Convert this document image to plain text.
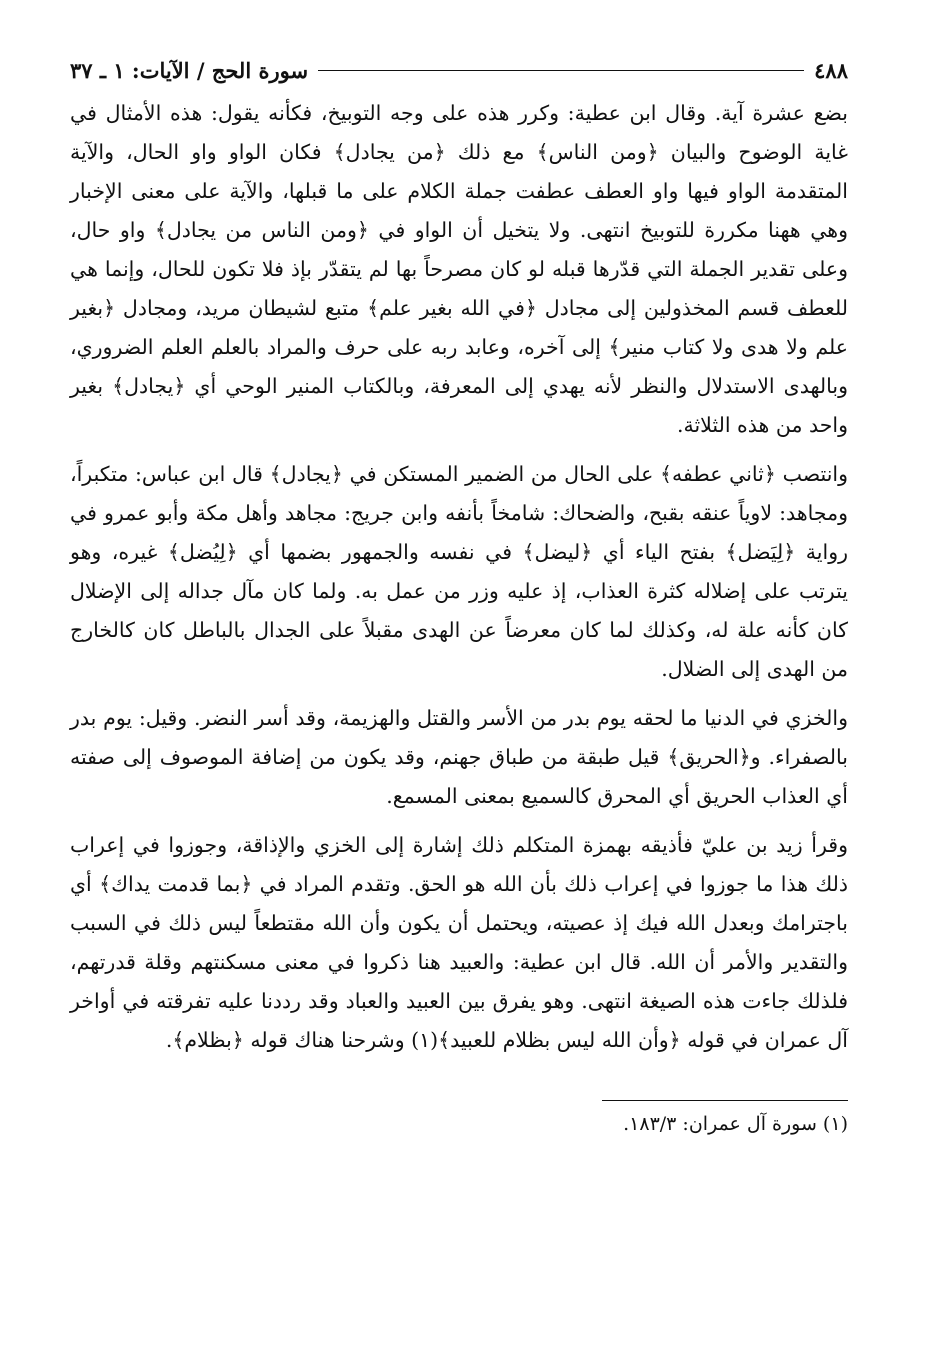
٤٨٨
سورة الحج / الآيات: ١ ـ ٣٧

بضع عشرة آية. وقال ابن عطية: وكرر هذه على وجه التوبيخ، فكأنه يقول: هذه الأمثال في غاية الوضوح والبيان ﴿ومن الناس﴾ مع ذلك ﴿من يجادل﴾ فكان الواو واو الحال، والآية المتقدمة الواو فيها واو العطف عطفت جملة الكلام على ما قبلها، والآية على معنى الإخبار وهي ههنا مكررة للتوبيخ انتهى. ولا يتخيل أن الواو في ﴿ومن الناس من يجادل﴾ واو حال، وعلى تقدير الجملة التي قدّرها قبله لو كان مصرحاً بها لم يتقدّر بإذ فلا تكون للحال، وإنما هي للعطف قسم المخذولين إلى مجادل ﴿في الله بغير علم﴾ متبع لشيطان مريد، ومجادل ﴿بغير علم ولا هدى ولا كتاب منير﴾ إلى آخره، وعابد ربه على حرف والمراد بالعلم العلم الضروري، وبالهدى الاستدلال والنظر لأنه يهدي إلى المعرفة، وبالكتاب المنير الوحي أي ﴿يجادل﴾ بغير واحد من هذه الثلاثة.

وانتصب ﴿ثاني عطفه﴾ على الحال من الضمير المستكن في ﴿يجادل﴾ قال ابن عباس: متكبراً، ومجاهد: لاوياً عنقه بقبح، والضحاك: شامخاً بأنفه وابن جريج: مجاهد وأهل مكة وأبو عمرو في رواية ﴿لِيَضل﴾ بفتح الياء أي ﴿ليضل﴾ في نفسه والجمهور بضمها أي ﴿لِيُضل﴾ غيره، وهو يترتب على إضلاله كثرة العذاب، إذ عليه وزر من عمل به. ولما كان مآل جداله إلى الإضلال كان كأنه علة له، وكذلك لما كان معرضاً عن الهدى مقبلاً على الجدال بالباطل كان كالخارج من الهدى إلى الضلال.

والخزي في الدنيا ما لحقه يوم بدر من الأسر والقتل والهزيمة، وقد أسر النضر. وقيل: يوم بدر بالصفراء. و﴿الحريق﴾ قيل طبقة من طباق جهنم، وقد يكون من إضافة الموصوف إلى صفته أي العذاب الحريق أي المحرق كالسميع بمعنى المسمع.

وقرأ زيد بن عليّ فأذيقه بهمزة المتكلم ذلك إشارة إلى الخزي والإذاقة، وجوزوا في إعراب ذلك هذا ما جوزوا في إعراب ذلك بأن الله هو الحق. وتقدم المراد في ﴿بما قدمت يداك﴾ أي باجترامك وبعدل الله فيك إذ عصيته، ويحتمل أن يكون وأن الله مقتطعاً ليس ذلك في السبب والتقدير والأمر أن الله. قال ابن عطية: والعبيد هنا ذكروا في معنى مسكنتهم وقلة قدرتهم، فلذلك جاءت هذه الصيغة انتهى. وهو يفرق بين العبيد والعباد وقد رددنا عليه تفرقته في أواخر آل عمران في قوله ﴿وأن الله ليس بظلام للعبيد﴾(١) وشرحنا هناك قوله ﴿بظلام﴾.

(١) سورة آل عمران: ١٨٣/٣.
